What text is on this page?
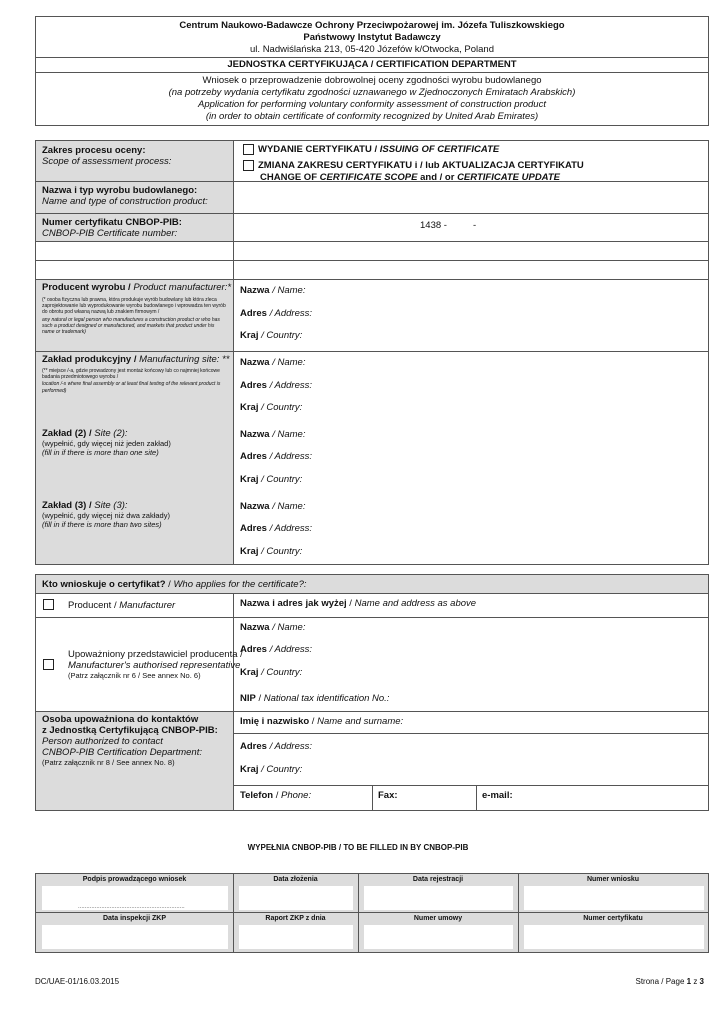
Centrum Naukowo-Badawcze Ochrony Przeciwpożarowej im. Józefa Tuliszkowskiego
Państwowy Instytut Badawczy
ul. Nadwiślańska 213, 05-420 Józefów k/Otwocka, Poland
JEDNOSTKA CERTYFIKUJĄCA / CERTIFICATION DEPARTMENT
Wniosek o przeprowadzenie dobrowolnej oceny zgodności wyrobu budowlanego
(na potrzeby wydania certyfikatu zgodności uznawanego w Zjednoczonych Emiratach Arabskich)
Application for performing voluntary conformity assessment of construction product
(in order to obtain certificate of conformity recognized by United Arab Emirates)
Zakres procesu oceny:
Scope of assessment process:
WYDANIE CERTYFIKATU / ISSUING OF CERTIFICATE
ZMIANA ZAKRESU CERTYFIKATU i / lub AKTUALIZACJA CERTYFIKATU
CHANGE OF CERTIFICATE SCOPE and / or CERTIFICATE UPDATE
Nazwa i typ wyrobu budowlanego:
Name and type of construction product:
Numer certyfikatu CNBOP-PIB:
CNBOP-PIB Certificate number:
1438 -	-
Producent wyrobu / Product manufacturer:*
(* osoba fizyczna lub prawna, która produkuje wyrób budowlany lub która zleca zaprojektowanie lub wyprodukowanie wyrobu budowlanego i wprowadza ten wyrób do obrotu pod własną nazwą lub znakiem firmowym /
any natural or legal person who manufactures a construction product or who has such a product designed or manufactured, and markets that product under his name or trademark)
Nazwa / Name:
Adres / Address:
Kraj / Country:
Zakład produkcyjny / Manufacturing site: **
(** miejsce /-a, gdzie prowadzony jest montaż końcowy lub co najmniej końcowe badania przedmiotowego wyrobu /
location /-s where final assembly or at least final testing of the relevant product is performed)
Nazwa / Name:
Adres / Address:
Kraj / Country:
Zakład (2) / Site (2):
(wypełnić, gdy więcej niż jeden zakład)
(fill in if there is more than one site)
Nazwa / Name:
Adres / Address:
Kraj / Country:
Zakład (3) / Site (3):
(wypełnić, gdy więcej niż dwa zakłady)
(fill in if there is more than two sites)
Nazwa / Name:
Adres / Address:
Kraj / Country:
Kto wnioskuje o certyfikat? / Who applies for the certificate?:
Producent / Manufacturer	Nazwa i adres jak wyżej / Name and address as above
Upoważniony przedstawiciel producenta /
Manufacturer's authorised representative
(Patrz załącznik nr 6 / See annex No. 6)
Nazwa / Name:
Adres / Address:
Kraj / Country:
NIP / National tax identification No.:
Osoba upoważniona do kontaktów
z Jednostką Certyfikującą CNBOP-PIB:
Person authorized to contact
CNBOP-PIB Certification Department:
(Patrz załącznik nr 8 / See annex No. 8)
Imię i nazwisko / Name and surname:
Adres / Address:
Kraj / Country:
Telefon / Phone:	Fax:	e-mail:
WYPEŁNIA CNBOP-PIB / TO BE FILLED IN BY CNBOP-PIB
Podpis prowadzącego wniosek	Data złożenia	Data rejestracji	Numer wniosku
................................................................
Data inspekcji ZKP	Raport ZKP z dnia	Numer umowy	Numer certyfikatu
DC/UAE-01/16.03.2015	Strona / Page 1 z 3
